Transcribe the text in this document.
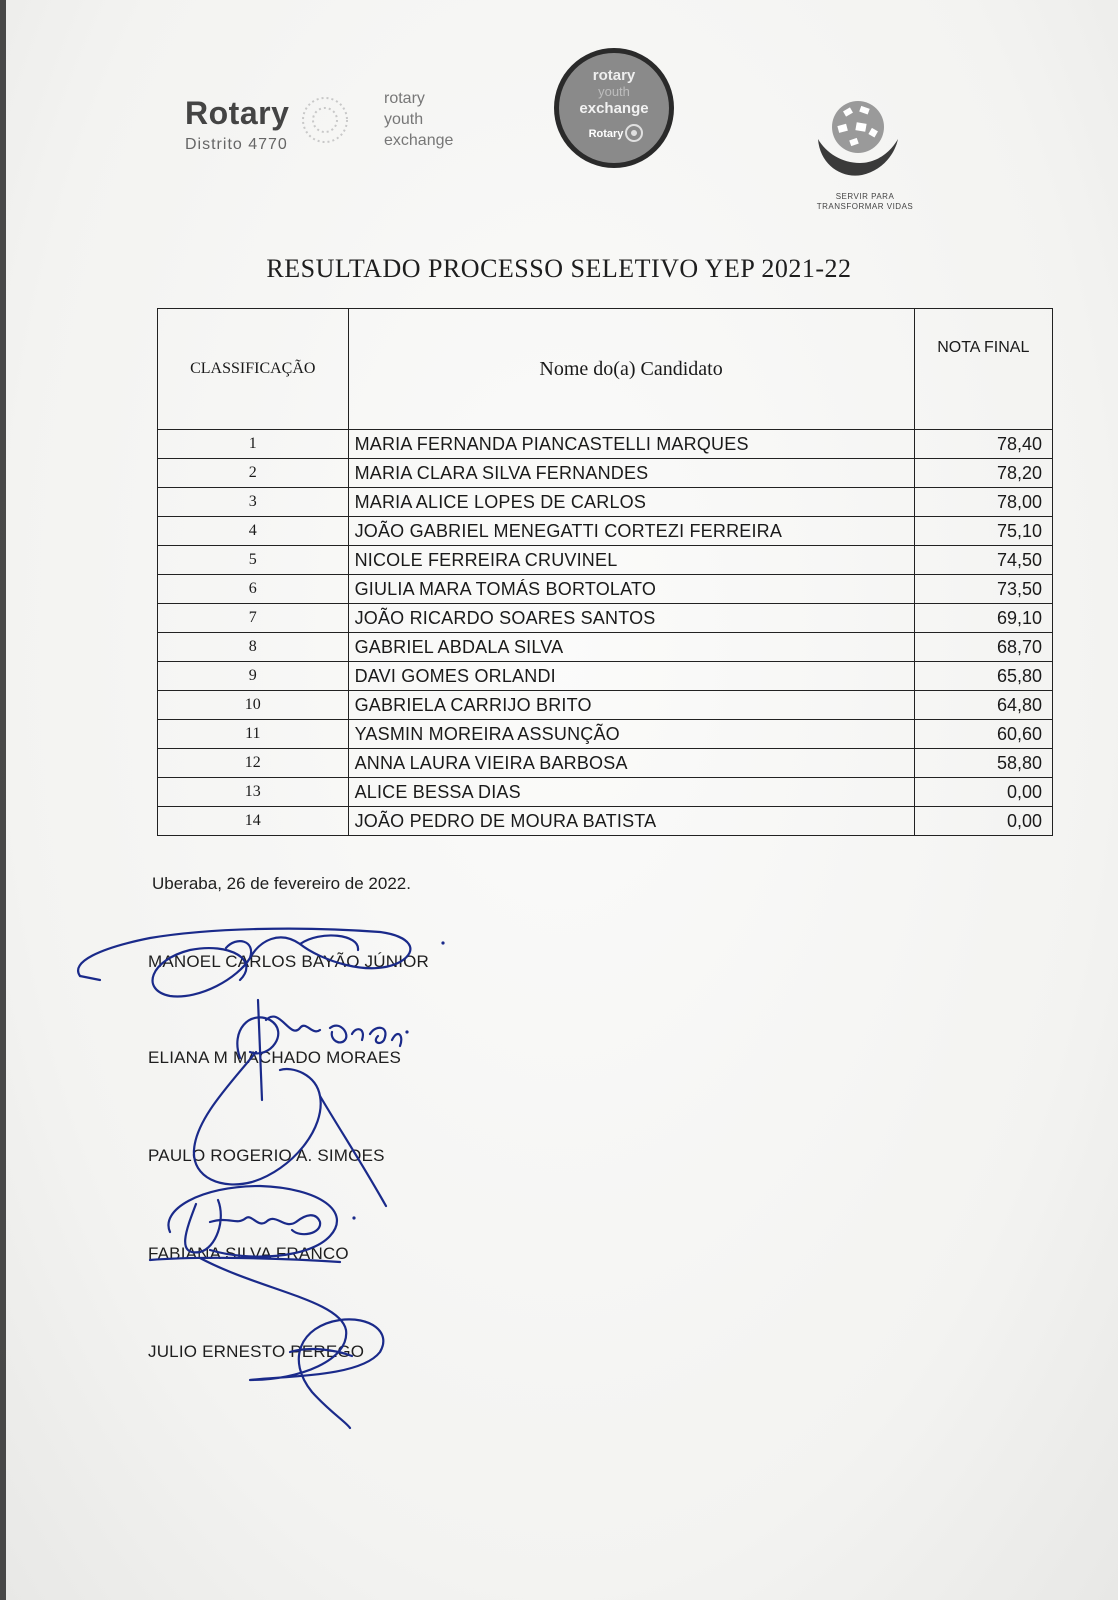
Rotary
Distrito 4770
rotary
youth
exchange
rotary
youth
exchange
Rotary
SERVIR PARA
TRANSFORMAR VIDAS
RESULTADO PROCESSO SELETIVO YEP 2021-22
CLASSIFICAÇÃO	Nome do(a) Candidato	NOTA FINAL
1	MARIA FERNANDA PIANCASTELLI MARQUES	78,40
2	MARIA CLARA SILVA FERNANDES	78,20
3	MARIA ALICE LOPES DE CARLOS	78,00
4	JOÃO GABRIEL MENEGATTI CORTEZI FERREIRA	75,10
5	NICOLE FERREIRA CRUVINEL	74,50
6	GIULIA MARA TOMÁS BORTOLATO	73,50
7	JOÃO RICARDO SOARES SANTOS	69,10
8	GABRIEL ABDALA SILVA	68,70
9	DAVI GOMES ORLANDI	65,80
10	GABRIELA CARRIJO BRITO	64,80
11	YASMIN MOREIRA ASSUNÇÃO	60,60
12	ANNA LAURA VIEIRA BARBOSA	58,80
13	ALICE BESSA DIAS	0,00
14	JOÃO PEDRO DE MOURA BATISTA	0,00
Uberaba, 26 de fevereiro de 2022.
MANOEL CARLOS BAYÃO JÚNIOR
ELIANA M MACHADO MORAES
PAULO ROGERIO A. SIMOES
FABIANA SILVA FRANCO
JULIO ERNESTO PEREGO
